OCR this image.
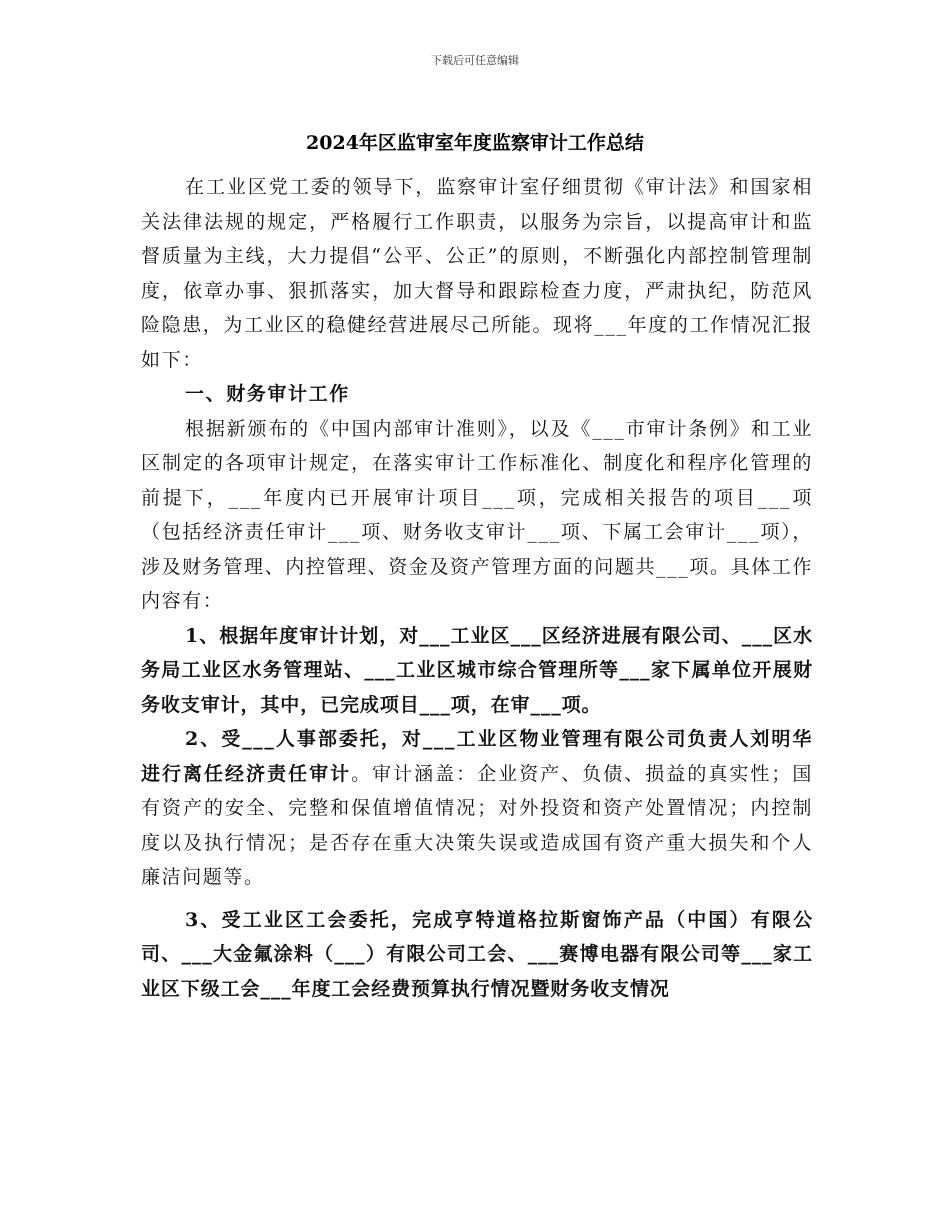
下载后可任意编辑
2024年区监审室年度监察审计工作总结

在工业区党工委的领导下，监察审计室仔细贯彻《审计法》和国家相关法律法规的规定，严格履行工作职责，以服务为宗旨，以提高审计和监督质量为主线，大力提倡“公平、公正”的原则，不断强化内部控制管理制度，依章办事、狠抓落实，加大督导和跟踪检查力度，严肃执纪，防范风险隐患，为工业区的稳健经营进展尽己所能。现将___年度的工作情况汇报如下：

一、财务审计工作

根据新颁布的《中国内部审计准则》，以及《___市审计条例》和工业区制定的各项审计规定，在落实审计工作标准化、制度化和程序化管理的前提下，___年度内已开展审计项目___项，完成相关报告的项目___项（包括经济责任审计___项、财务收支审计___项、下属工会审计___项），涉及财务管理、内控管理、资金及资产管理方面的问题共___项。具体工作内容有：

1、根据年度审计计划，对___工业区___区经济进展有限公司、___区水务局工业区水务管理站、___工业区城市综合管理所等___家下属单位开展财务收支审计，其中，已完成项目___项，在审___项。

2、受___人事部委托，对___工业区物业管理有限公司负责人刘明华进行离任经济责任审计。审计涵盖：企业资产、负债、损益的真实性；国有资产的安全、完整和保值增值情况；对外投资和资产处置情况；内控制度以及执行情况；是否存在重大决策失误或造成国有资产重大损失和个人廉洁问题等。

3、受工业区工会委托，完成亨特道格拉斯窗饰产品（中国）有限公司、___大金氟涂料（___）有限公司工会、___赛博电器有限公司等___家工业区下级工会___年度工会经费预算执行情况暨财务收支情况
